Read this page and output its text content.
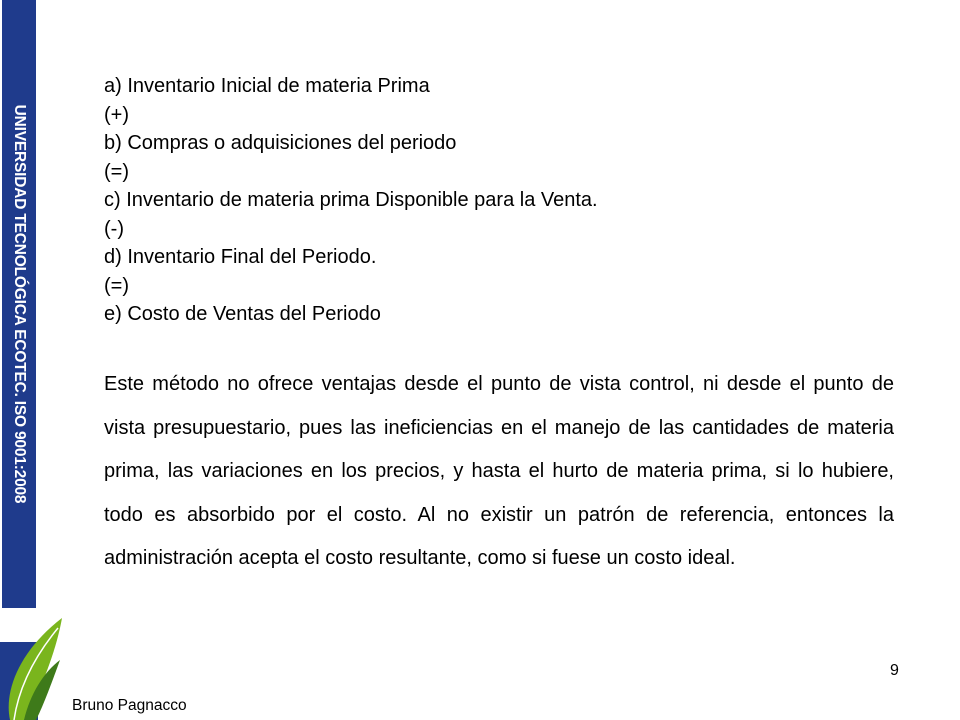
UNIVERSIDAD TECNOLÓGICA ECOTEC. ISO 9001:2008
a) Inventario Inicial de materia Prima
(+)
b) Compras o adquisiciones del periodo
(=)
c) Inventario de materia prima Disponible para la Venta.
(-)
d) Inventario Final del Periodo.
(=)
e) Costo de Ventas del Periodo
Este método no ofrece ventajas desde el punto de vista control, ni desde el punto de vista presupuestario, pues las ineficiencias en el manejo de las cantidades de materia prima, las variaciones en los precios, y hasta el hurto de materia prima, si lo hubiere, todo es absorbido por el costo. Al no existir un patrón de referencia, entonces la administración acepta el costo resultante, como si fuese un costo ideal.
9
Bruno Pagnacco
